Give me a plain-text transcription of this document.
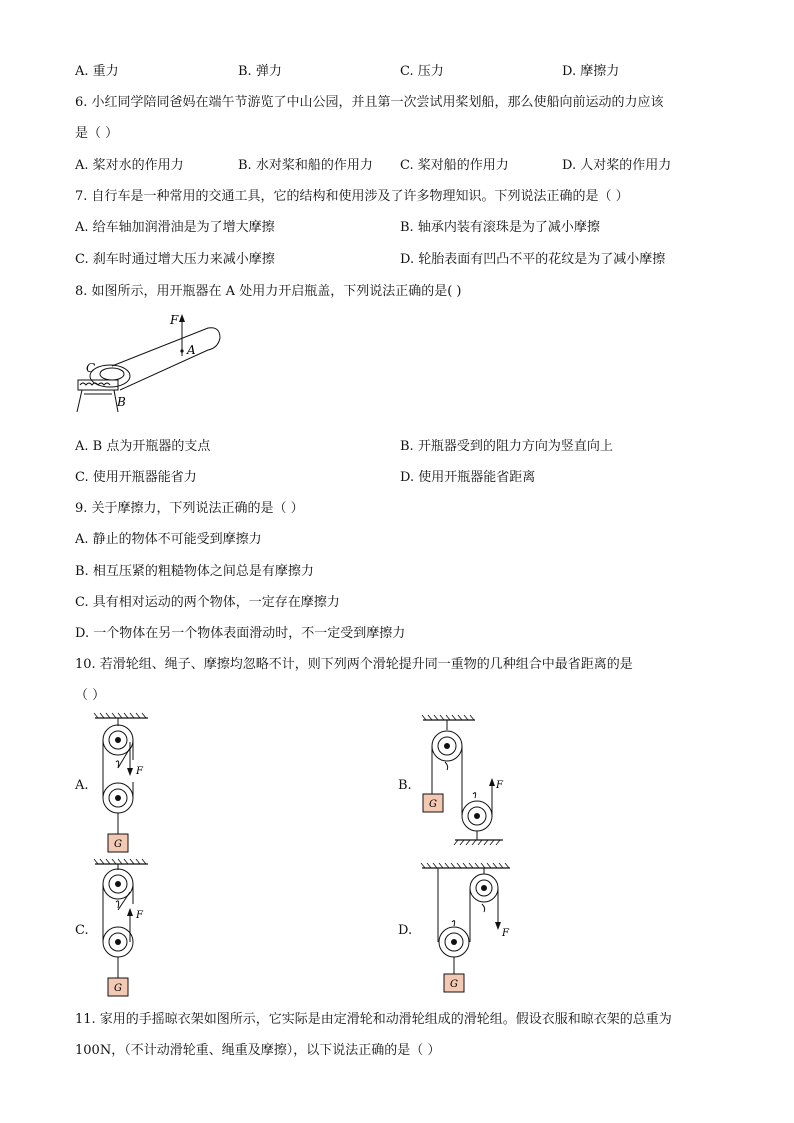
A. 重力	B. 弹力	C. 压力	D. 摩擦力
6. 小红同学陪同爸妈在端午节游览了中山公园，并且第一次尝试用桨划船，那么使船向前运动的力应该
是（ ）
A. 桨对水的作用力	B. 水对桨和船的作用力 C. 桨对船的作用力	D. 人对桨的作用力
7. 自行车是一种常用的交通工具，它的结构和使用涉及了许多物理知识。下列说法正确的是（ ）
A. 给车轴加润滑油是为了增大摩擦	B. 轴承内装有滚珠是为了减小摩擦
C. 刹车时通过增大压力来减小摩擦	D. 轮胎表面有凹凸不平的花纹是为了减小摩擦
8. 如图所示，用开瓶器在 A 处用力开启瓶盖，下列说法正确的是( )
F
A
C
B
A. B 点为开瓶器的支点	B. 开瓶器受到的阻力方向为竖直向上
C. 使用开瓶器能省力	D. 使用开瓶器能省距离
9. 关于摩擦力，下列说法正确的是（ ）
A. 静止的物体不可能受到摩擦力
B. 相互压紧的粗糙物体之间总是有摩擦力
C. 具有相对运动的两个物体，一定存在摩擦力
D. 一个物体在另一个物体表面滑动时，不一定受到摩擦力
10. 若滑轮组、绳子、摩擦均忽略不计，则下列两个滑轮提升同一重物的几种组合中最省距离的是
（ ）
A.
F
G
B.
G
F
C.
F
G
D.	F
G
11. 家用的手摇晾衣架如图所示，它实际是由定滑轮和动滑轮组成的滑轮组。假设衣服和晾衣架的总重为
100N，（不计动滑轮重、绳重及摩擦），以下说法正确的是（ ）
